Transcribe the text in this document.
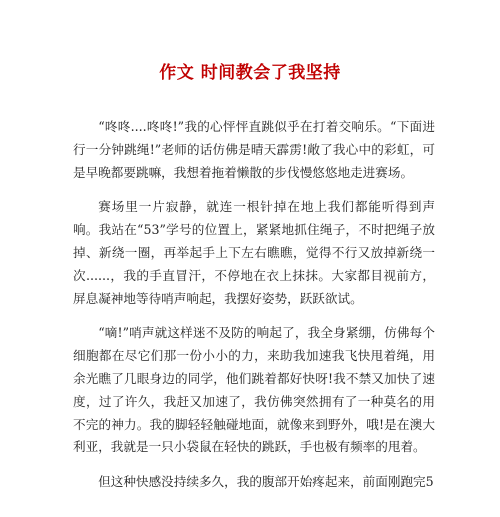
作文 时间教会了我坚持

“咚咚....咚咚!”我的心怦怦直跳似乎在打着交响乐。“下面进行一分钟跳绳!”老师的话仿佛是晴天霹雳!敞了我心中的彩虹，可是早晚都要跳嘛，我想着拖着懒散的步伐慢悠悠地走进赛场。

赛场里一片寂静，就连一根针掉在地上我们都能听得到声响。我站在“53”学号的位置上，紧紧地抓住绳子，不时把绳子放掉、新绕一圈，再举起手上下左右瞧瞧，觉得不行又放掉新绕一次......，我的手直冒汗，不停地在衣上抹抹。大家都目视前方，屏息凝神地等待哨声响起，我摆好姿势，跃跃欲试。

“嘀!”哨声就这样迷不及防的响起了，我全身紧绷，仿佛每个细胞都在尽它们那一份小小的力，来助我加速我飞快甩着绳，用余光瞧了几眼身边的同学，他们跳着都好快呀!我不禁又加快了速度，过了许久，我赶又加速了，我仿佛突然拥有了一种莫名的用不完的神力。我的脚轻轻触碰地面，就像来到野外，哦!是在澳大利亚，我就是一只小袋鼠在轻快的跳跃，手也极有频率的甩着。

但这种快感没持续多久，我的腹部开始疼起来，前面刚跑完5
